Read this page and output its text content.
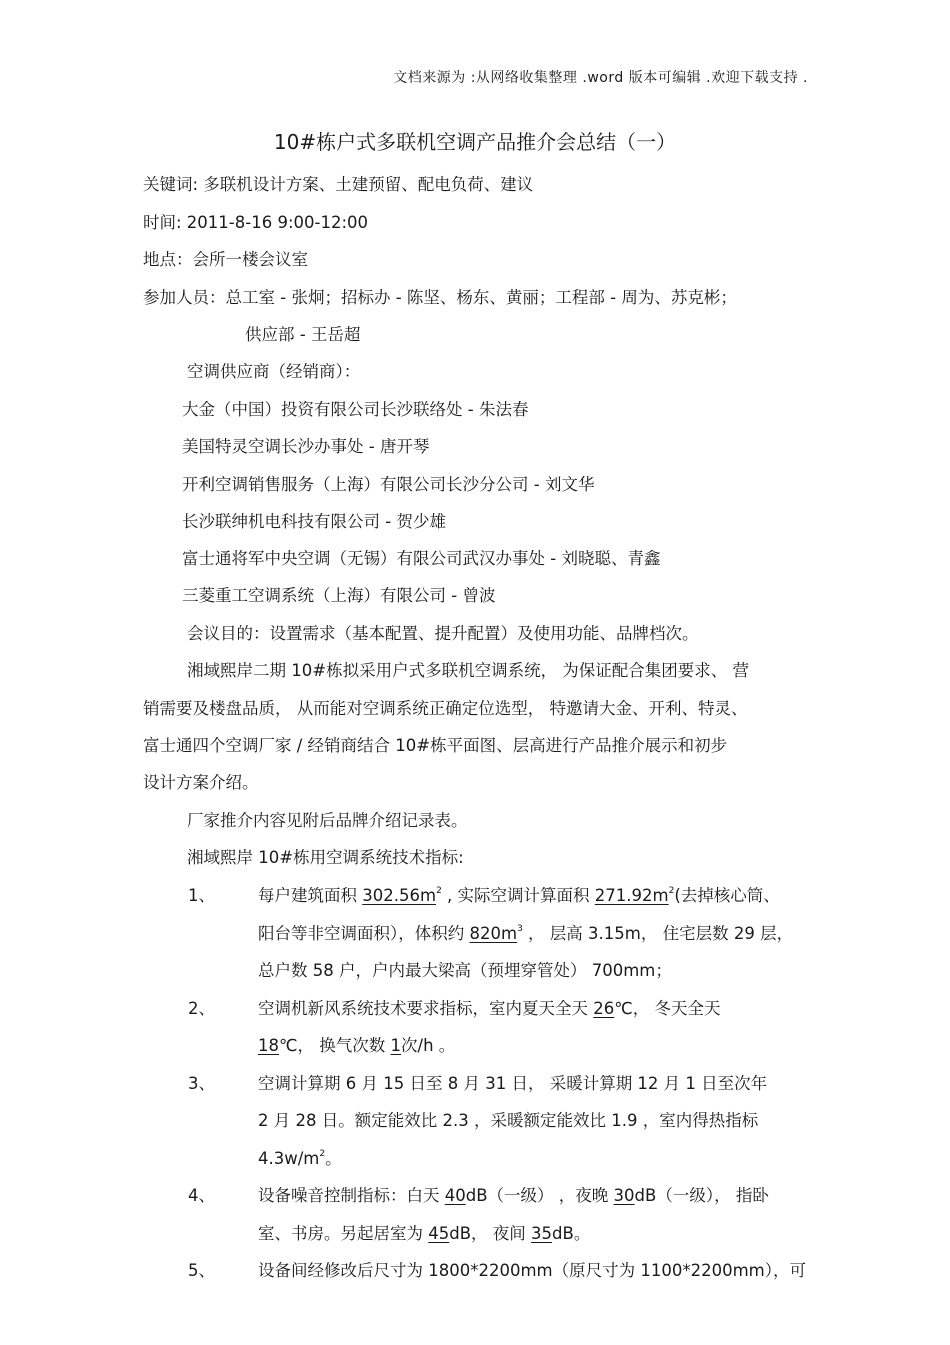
文档来源为 :从网络收集整理 .word 版本可编辑 .欢迎下载支持 .
10#栋户式多联机空调产品推介会总结（一）
关键词: 多联机设计方案、土建预留、配电负荷、建议
时间: 2011-8-16 9:00-12:00
地点：会所一楼会议室
参加人员：总工室 - 张炯；招标办 - 陈坚、杨东、黄丽；工程部 - 周为、苏克彬；
供应部 - 王岳超
空调供应商（经销商）：
大金（中国）投资有限公司长沙联络处 - 朱法春
美国特灵空调长沙办事处 - 唐开琴
开利空调销售服务（上海）有限公司长沙分公司 - 刘文华
长沙联绅机电科技有限公司 - 贺少雄
富士通将军中央空调（无锡）有限公司武汉办事处 - 刘晓聪、青鑫
三菱重工空调系统（上海）有限公司 - 曾波
会议目的：设置需求（基本配置、提升配置）及使用功能、品牌档次。
湘域熙岸二期 10#栋拟采用户式多联机空调系统， 为保证配合集团要求、 营
销需要及楼盘品质， 从而能对空调系统正确定位选型， 特邀请大金、开利、特灵、
富士通四个空调厂家 / 经销商结合 10#栋平面图、层高进行产品推介展示和初步
设计方案介绍。
厂家推介内容见附后品牌介绍记录表。
湘域熙岸 10#栋用空调系统技术指标:
1、	每户建筑面积 $302.56m^2$ , 实际空调计算面积 $271.92m^2$(去掉核心筒、
阳台等非空调面积），体积约 $820m^3$ ， 层高 3.15m， 住宅层数 29 层，
总户数 58 户，户内最大梁高（预埋穿管处） 700mm；
2、	空调机新风系统技术要求指标，室内夏天全天 26℃， 冬天全天
18℃， 换气次数 1次/h 。
3、	空调计算期 6 月 15 日至 8 月 31 日， 采暖计算期 12 月 1 日至次年
2 月 28 日。额定能效比 2.3 ，采暖额定能效比 1.9 ，室内得热指标
$4.3w/m^2$。
4、	设备噪音控制指标：白天 40dB（一级） ，夜晚 30dB（一级）， 指卧
室、书房。另起居室为 45dB， 夜间 35dB。
5、	设备间经修改后尺寸为 1800*2200mm（原尺寸为 1100*2200mm），可
